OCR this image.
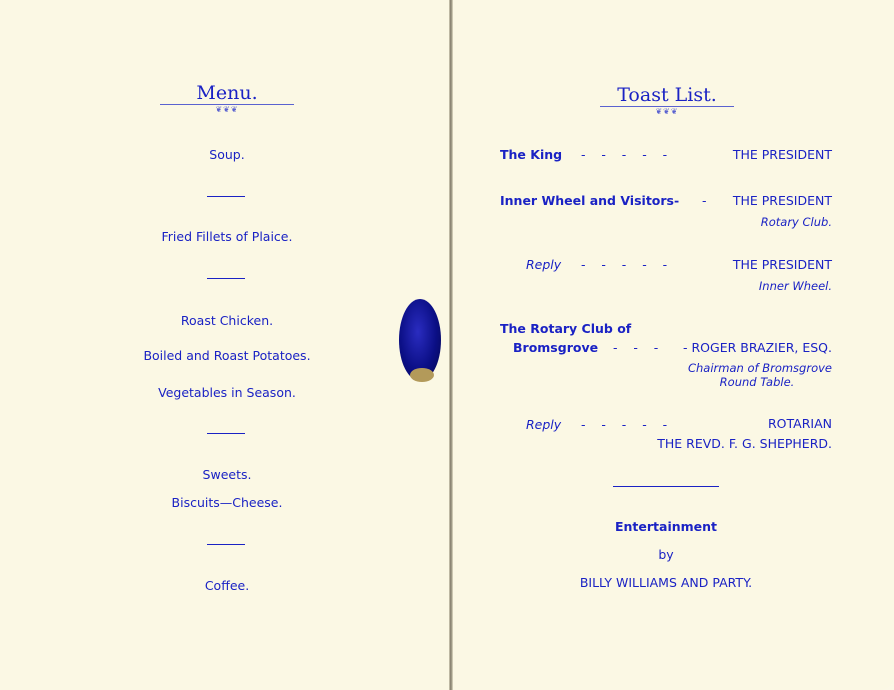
Menu.
❦❦❦
Soup.
Fried Fillets of Plaice.
Roast Chicken.
Boiled and Roast Potatoes.
Vegetables in Season.
Sweets.
Biscuits—Cheese.
Coffee.
Toast List.
❦❦❦
The King -    -    -    -    -	THE PRESIDENT
Inner Wheel and Visitors- - THE PRESIDENT
Rotary Club.
Reply -    -    -    -    -	THE PRESIDENT
Inner Wheel.
The Rotary Club of
Bromsgrove -    -    - - ROGER BRAZIER, ESQ.
Chairman of Bromsgrove
Round Table.
Reply -    -    -    -    -	ROTARIAN
THE REVD. F. G. SHEPHERD.
Entertainment
by
BILLY WILLIAMS AND PARTY.
